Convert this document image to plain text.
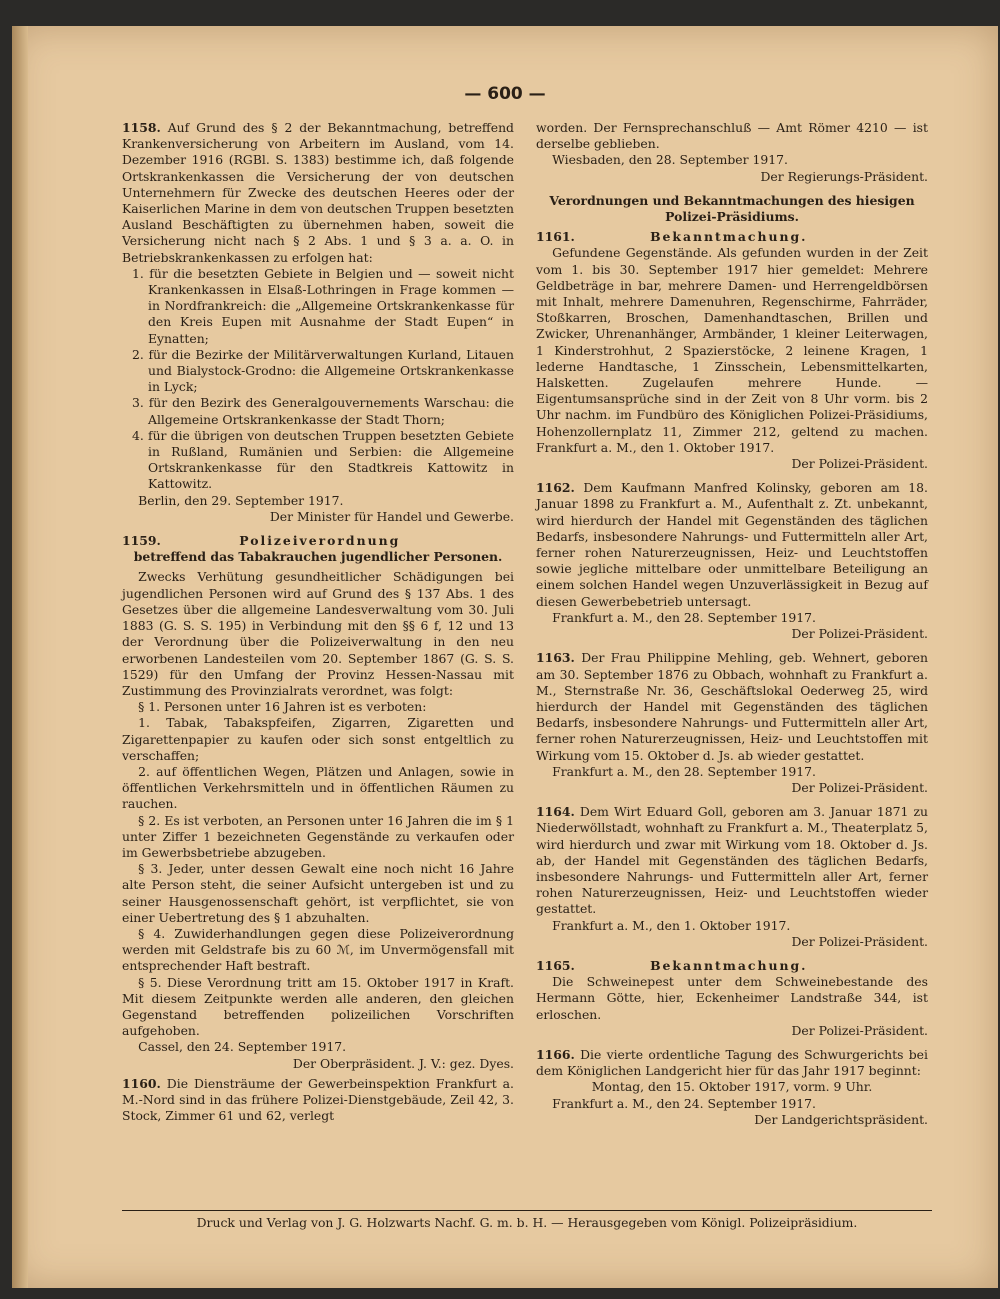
— 600 —

1158. Auf Grund des § 2 der Bekanntmachung, betreffend Krankenversicherung von Arbeitern im Ausland, vom 14. Dezember 1916 (RGBl. S. 1383) bestimme ich, daß folgende Ortskrankenkassen die Versicherung der von deutschen Unternehmern für Zwecke des deutschen Heeres oder der Kaiserlichen Marine in dem von deutschen Truppen besetzten Ausland Beschäftigten zu übernehmen haben, soweit die Versicherung nicht nach § 2 Abs. 1 und § 3 a. a. O. in Betriebskrankenkassen zu erfolgen hat:

1. für die besetzten Gebiete in Belgien und — soweit nicht Krankenkassen in Elsaß-Lothringen in Frage kommen — in Nordfrankreich: die „Allgemeine Ortskrankenkasse für den Kreis Eupen mit Ausnahme der Stadt Eupen“ in Eynatten;

2. für die Bezirke der Militärverwaltungen Kurland, Litauen und Bialystock-Grodno: die Allgemeine Ortskrankenkasse in Lyck;

3. für den Bezirk des Generalgouvernements Warschau: die Allgemeine Ortskrankenkasse der Stadt Thorn;

4. für die übrigen von deutschen Truppen besetzten Gebiete in Rußland, Rumänien und Serbien: die Allgemeine Ortskrankenkasse für den Stadtkreis Kattowitz in Kattowitz.

Berlin, den 29. September 1917.

Der Minister für Handel und Gewerbe.

1159.	Polizeiverordnung

betreffend das Tabakrauchen jugendlicher Personen.

Zwecks Verhütung gesundheitlicher Schädigungen bei jugendlichen Personen wird auf Grund des § 137 Abs. 1 des Gesetzes über die allgemeine Landesverwaltung vom 30. Juli 1883 (G. S. S. 195) in Verbindung mit den §§ 6 f, 12 und 13 der Verordnung über die Polizeiverwaltung in den neu erworbenen Landesteilen vom 20. September 1867 (G. S. S. 1529) für den Umfang der Provinz Hessen-Nassau mit Zustimmung des Provinzialrats verordnet, was folgt:

§ 1. Personen unter 16 Jahren ist es verboten:

1. Tabak, Tabakspfeifen, Zigarren, Zigaretten und Zigarettenpapier zu kaufen oder sich sonst entgeltlich zu verschaffen;

2. auf öffentlichen Wegen, Plätzen und Anlagen, sowie in öffentlichen Verkehrsmitteln und in öffentlichen Räumen zu rauchen.

§ 2. Es ist verboten, an Personen unter 16 Jahren die im § 1 unter Ziffer 1 bezeichneten Gegenstände zu verkaufen oder im Gewerbsbetriebe abzugeben.

§ 3. Jeder, unter dessen Gewalt eine noch nicht 16 Jahre alte Person steht, die seiner Aufsicht untergeben ist und zu seiner Hausgenossenschaft gehört, ist verpflichtet, sie von einer Uebertretung des § 1 abzuhalten.

§ 4. Zuwiderhandlungen gegen diese Polizeiverordnung werden mit Geldstrafe bis zu 60 ℳ, im Unvermögensfall mit entsprechender Haft bestraft.

§ 5. Diese Verordnung tritt am 15. Oktober 1917 in Kraft. Mit diesem Zeitpunkte werden alle anderen, den gleichen Gegenstand betreffenden polizeilichen Vorschriften aufgehoben.

Cassel, den 24. September 1917.

Der Oberpräsident. J. V.: gez. Dyes.

1160. Die Diensträume der Gewerbeinspektion Frankfurt a. M.-Nord sind in das frühere Polizei-Dienstgebäude, Zeil 42, 3. Stock, Zimmer 61 und 62, verlegt

worden. Der Fernsprechanschluß — Amt Römer 4210 — ist derselbe geblieben.

Wiesbaden, den 28. September 1917.

Der Regierungs-Präsident.

Verordnungen und Bekanntmachungen des hiesigen Polizei-Präsidiums.

1161.	Bekanntmachung.

Gefundene Gegenstände. Als gefunden wurden in der Zeit vom 1. bis 30. September 1917 hier gemeldet: Mehrere Geldbeträge in bar, mehrere Damen- und Herrengeldbörsen mit Inhalt, mehrere Damenuhren, Regenschirme, Fahrräder, Stoßkarren, Broschen, Damenhandtaschen, Brillen und Zwicker, Uhrenanhänger, Armbänder, 1 kleiner Leiterwagen, 1 Kinderstrohhut, 2 Spazierstöcke, 2 leinene Kragen, 1 lederne Handtasche, 1 Zinsschein, Lebensmittelkarten, Halsketten. Zugelaufen mehrere Hunde. — Eigentumsansprüche sind in der Zeit von 8 Uhr vorm. bis 2 Uhr nachm. im Fundbüro des Königlichen Polizei-Präsidiums, Hohenzollernplatz 11, Zimmer 212, geltend zu machen. Frankfurt a. M., den 1. Oktober 1917.

Der Polizei-Präsident.

1162. Dem Kaufmann Manfred Kolinsky, geboren am 18. Januar 1898 zu Frankfurt a. M., Aufenthalt z. Zt. unbekannt, wird hierdurch der Handel mit Gegenständen des täglichen Bedarfs, insbesondere Nahrungs- und Futtermitteln aller Art, ferner rohen Naturerzeugnissen, Heiz- und Leuchtstoffen sowie jegliche mittelbare oder unmittelbare Beteiligung an einem solchen Handel wegen Unzuverlässigkeit in Bezug auf diesen Gewerbebetrieb untersagt.

Frankfurt a. M., den 28. September 1917.

Der Polizei-Präsident.

1163. Der Frau Philippine Mehling, geb. Wehnert, geboren am 30. September 1876 zu Obbach, wohnhaft zu Frankfurt a. M., Sternstraße Nr. 36, Geschäftslokal Oederweg 25, wird hierdurch der Handel mit Gegenständen des täglichen Bedarfs, insbesondere Nahrungs- und Futtermitteln aller Art, ferner rohen Naturerzeugnissen, Heiz- und Leuchtstoffen mit Wirkung vom 15. Oktober d. Js. ab wieder gestattet.

Frankfurt a. M., den 28. September 1917.

Der Polizei-Präsident.

1164. Dem Wirt Eduard Goll, geboren am 3. Januar 1871 zu Niederwöllstadt, wohnhaft zu Frankfurt a. M., Theaterplatz 5, wird hierdurch und zwar mit Wirkung vom 18. Oktober d. Js. ab, der Handel mit Gegenständen des täglichen Bedarfs, insbesondere Nahrungs- und Futtermitteln aller Art, ferner rohen Naturerzeugnissen, Heiz- und Leuchtstoffen wieder gestattet.

Frankfurt a. M., den 1. Oktober 1917.

Der Polizei-Präsident.

1165.	Bekanntmachung.

Die Schweinepest unter dem Schweinebestande des Hermann Götte, hier, Eckenheimer Landstraße 344, ist erloschen.

Der Polizei-Präsident.

1166. Die vierte ordentliche Tagung des Schwurgerichts bei dem Königlichen Landgericht hier für das Jahr 1917 beginnt:

Montag, den 15. Oktober 1917, vorm. 9 Uhr.

Frankfurt a. M., den 24. September 1917.

Der Landgerichtspräsident.

Druck und Verlag von J. G. Holzwarts Nachf. G. m. b. H. — Herausgegeben vom Königl. Polizeipräsidium.
